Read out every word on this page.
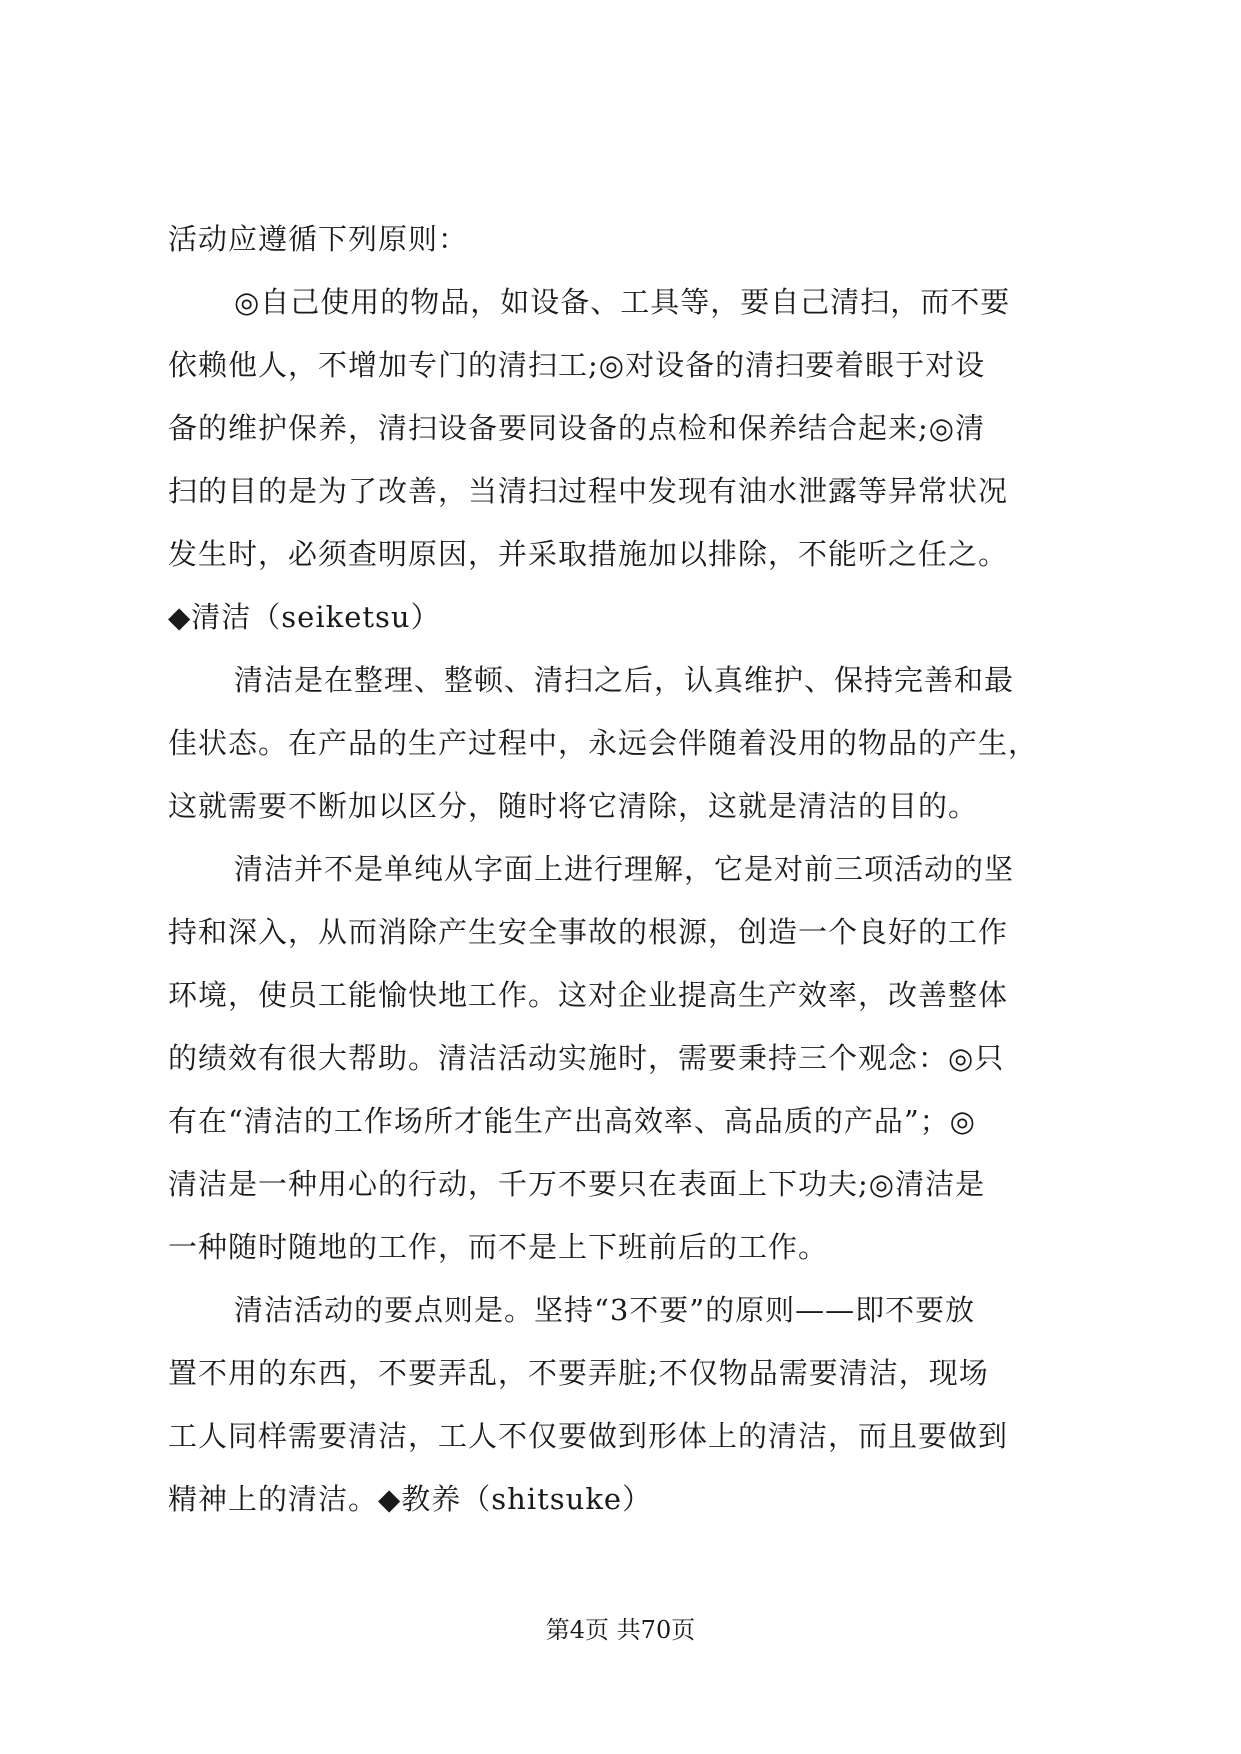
活动应遵循下列原则：
◎自己使用的物品，如设备、工具等，要自己清扫，而不要
依赖他人，不增加专门的清扫工;◎对设备的清扫要着眼于对设
备的维护保养，清扫设备要同设备的点检和保养结合起来;◎清
扫的目的是为了改善，当清扫过程中发现有油水泄露等异常状况
发生时，必须查明原因，并采取措施加以排除，不能听之任之。
◆清洁（seiketsu）
清洁是在整理、整顿、清扫之后，认真维护、保持完善和最
佳状态。在产品的生产过程中，永远会伴随着没用的物品的产生，
这就需要不断加以区分，随时将它清除，这就是清洁的目的。
清洁并不是单纯从字面上进行理解，它是对前三项活动的坚
持和深入，从而消除产生安全事故的根源，创造一个良好的工作
环境，使员工能愉快地工作。这对企业提高生产效率，改善整体
的绩效有很大帮助。清洁活动实施时，需要秉持三个观念：◎只
有在“清洁的工作场所才能生产出高效率、高品质的产品”；◎
清洁是一种用心的行动，千万不要只在表面上下功夫;◎清洁是
一种随时随地的工作，而不是上下班前后的工作。
清洁活动的要点则是。坚持“3不要”的原则——即不要放
置不用的东西，不要弄乱，不要弄脏;不仅物品需要清洁，现场
工人同样需要清洁，工人不仅要做到形体上的清洁，而且要做到
精神上的清洁。◆教养（shitsuke）
第4页 共70页
